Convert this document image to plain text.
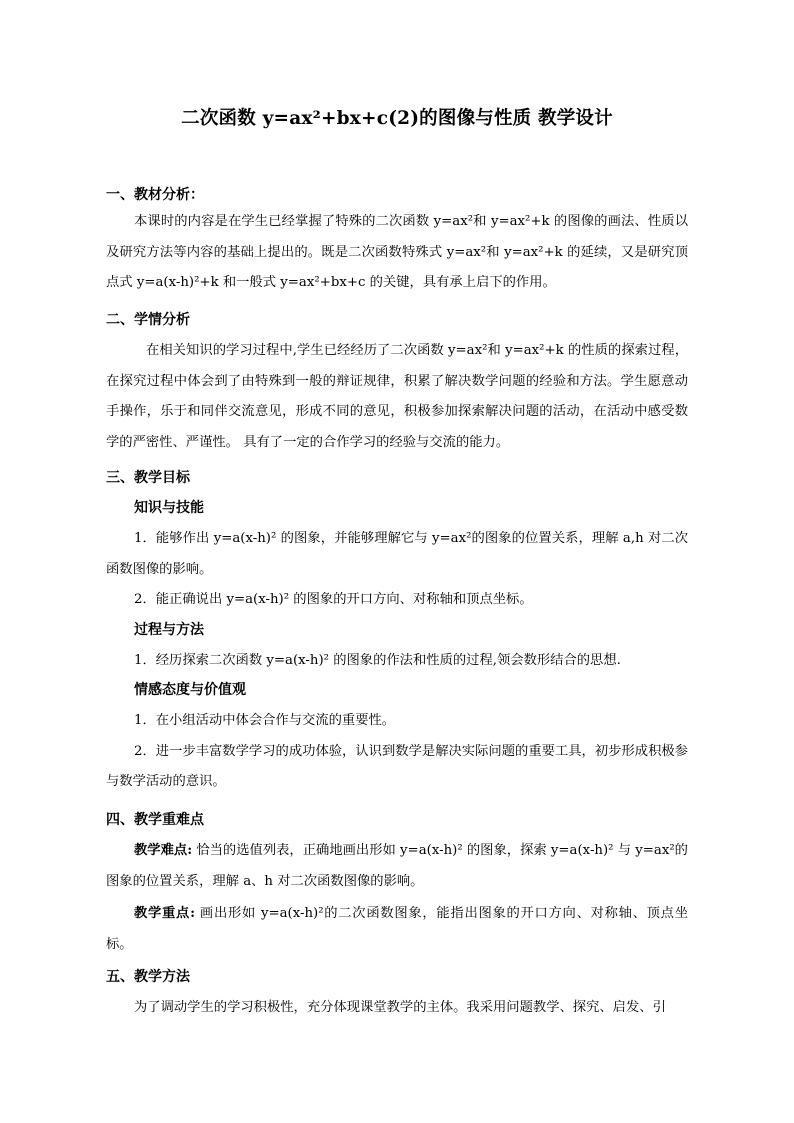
二次函数 y=ax²+bx+c(2)的图像与性质 教学设计
一、教材分析：
本课时的内容是在学生已经掌握了特殊的二次函数 y=ax²和 y=ax²+k 的图像的画法、性质以及研究方法等内容的基础上提出的。既是二次函数特殊式 y=ax²和 y=ax²+k 的延续，又是研究顶点式 y=a(x-h)²+k 和一般式 y=ax²+bx+c 的关键，具有承上启下的作用。
二、学情分析
在相关知识的学习过程中,学生已经经历了二次函数 y=ax²和 y=ax²+k 的性质的探索过程，在探究过程中体会到了由特殊到一般的辩证规律，积累了解决数学问题的经验和方法。学生愿意动手操作，乐于和同伴交流意见，形成不同的意见，积极参加探索解决问题的活动，在活动中感受数学的严密性、严谨性。 具有了一定的合作学习的经验与交流的能力。
三、教学目标
知识与技能
1．能够作出 y=a(x-h)² 的图象，并能够理解它与 y=ax²的图象的位置关系，理解 a,h 对二次函数图像的影响。
2．能正确说出 y=a(x-h)² 的图象的开口方向、对称轴和顶点坐标。
过程与方法
1．经历探索二次函数 y=a(x-h)² 的图象的作法和性质的过程,领会数形结合的思想.
情感态度与价值观
1．在小组活动中体会合作与交流的重要性。
2．进一步丰富数学学习的成功体验，认识到数学是解决实际问题的重要工具，初步形成积极参与数学活动的意识。
四、教学重难点
教学难点: 恰当的选值列表，正确地画出形如 y=a(x-h)² 的图象，探索 y=a(x-h)² 与 y=ax²的图象的位置关系，理解 a、h 对二次函数图像的影响。
教学重点: 画出形如 y=a(x-h)²的二次函数图象，能指出图象的开口方向、对称轴、顶点坐标。
五、教学方法
为了调动学生的学习积极性，充分体现课堂教学的主体。我采用问题教学、探究、启发、引
